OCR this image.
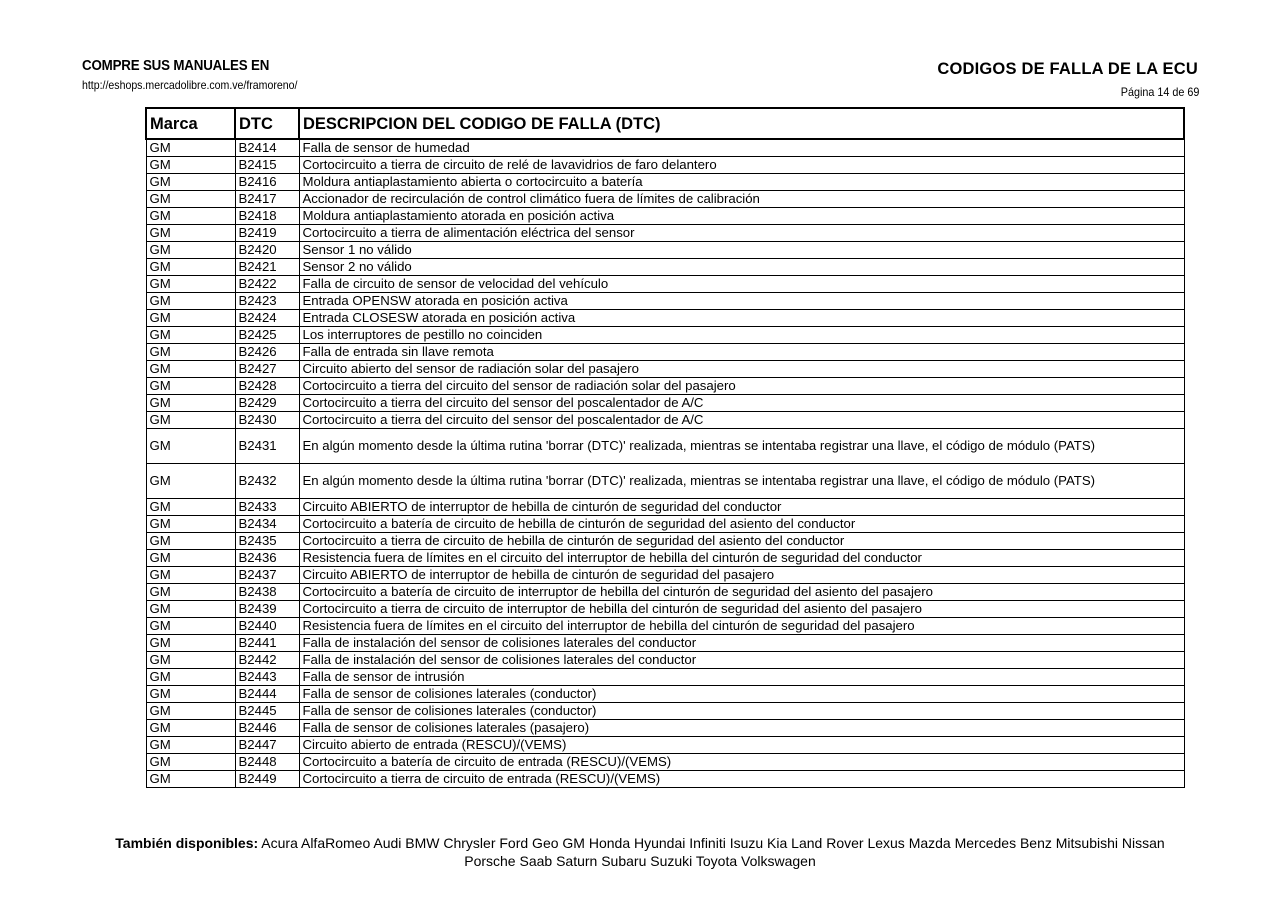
COMPRE SUS MANUALES EN
http://eshops.mercadolibre.com.ve/framoreno/
CODIGOS DE FALLA DE LA ECU
Página 14 de 69
Marca	DTC	DESCRIPCION DEL CODIGO DE FALLA (DTC)
GM	B2414	Falla de sensor de humedad
GM	B2415	Cortocircuito a tierra de circuito de relé de lavavidrios de faro delantero
GM	B2416	Moldura antiaplastamiento abierta o cortocircuito a batería
GM	B2417	Accionador de recirculación de control climático fuera de límites de calibración
GM	B2418	Moldura antiaplastamiento atorada en posición activa
GM	B2419	Cortocircuito a tierra de alimentación eléctrica del sensor
GM	B2420	Sensor 1 no válido
GM	B2421	Sensor 2 no válido
GM	B2422	Falla de circuito de sensor de velocidad del vehículo
GM	B2423	Entrada OPENSW atorada en posición activa
GM	B2424	Entrada CLOSESW atorada en posición activa
GM	B2425	Los interruptores de pestillo no coinciden
GM	B2426	Falla de entrada sin llave remota
GM	B2427	Circuito abierto del sensor de radiación solar del pasajero
GM	B2428	Cortocircuito a tierra del circuito del sensor de radiación solar del pasajero
GM	B2429	Cortocircuito a tierra del circuito del sensor del poscalentador de A/C
GM	B2430	Cortocircuito a tierra del circuito del sensor del poscalentador de A/C
GM	B2431	En algún momento desde la última rutina 'borrar (DTC)' realizada, mientras se intentaba registrar una llave, el código de módulo (PATS)
GM	B2432	En algún momento desde la última rutina 'borrar (DTC)' realizada, mientras se intentaba registrar una llave, el código de módulo (PATS)
GM	B2433	Circuito ABIERTO de interruptor de hebilla de cinturón de seguridad del conductor
GM	B2434	Cortocircuito a batería de circuito de hebilla de cinturón de seguridad del asiento del conductor
GM	B2435	Cortocircuito a tierra de circuito de hebilla de cinturón de seguridad del asiento del conductor
GM	B2436	Resistencia fuera de límites en el circuito del interruptor de hebilla del cinturón de seguridad del conductor
GM	B2437	Circuito ABIERTO de interruptor de hebilla de cinturón de seguridad del pasajero
GM	B2438	Cortocircuito a batería de circuito de interruptor de hebilla del cinturón de seguridad del asiento del pasajero
GM	B2439	Cortocircuito a tierra de circuito de interruptor de hebilla del cinturón de seguridad del asiento del pasajero
GM	B2440	Resistencia fuera de límites en el circuito del interruptor de hebilla del cinturón de seguridad del pasajero
GM	B2441	Falla de instalación del sensor de colisiones laterales del conductor
GM	B2442	Falla de instalación del sensor de colisiones laterales del conductor
GM	B2443	Falla de sensor de intrusión
GM	B2444	Falla de sensor de colisiones laterales (conductor)
GM	B2445	Falla de sensor de colisiones laterales (conductor)
GM	B2446	Falla de sensor de colisiones laterales (pasajero)
GM	B2447	Circuito abierto de entrada (RESCU)/(VEMS)
GM	B2448	Cortocircuito a batería de circuito de entrada (RESCU)/(VEMS)
GM	B2449	Cortocircuito a tierra de circuito de entrada (RESCU)/(VEMS)
También disponibles: Acura AlfaRomeo Audi BMW Chrysler Ford Geo GM Honda Hyundai Infiniti Isuzu Kia Land Rover Lexus Mazda Mercedes Benz Mitsubishi Nissan
Porsche Saab Saturn Subaru Suzuki Toyota Volkswagen
